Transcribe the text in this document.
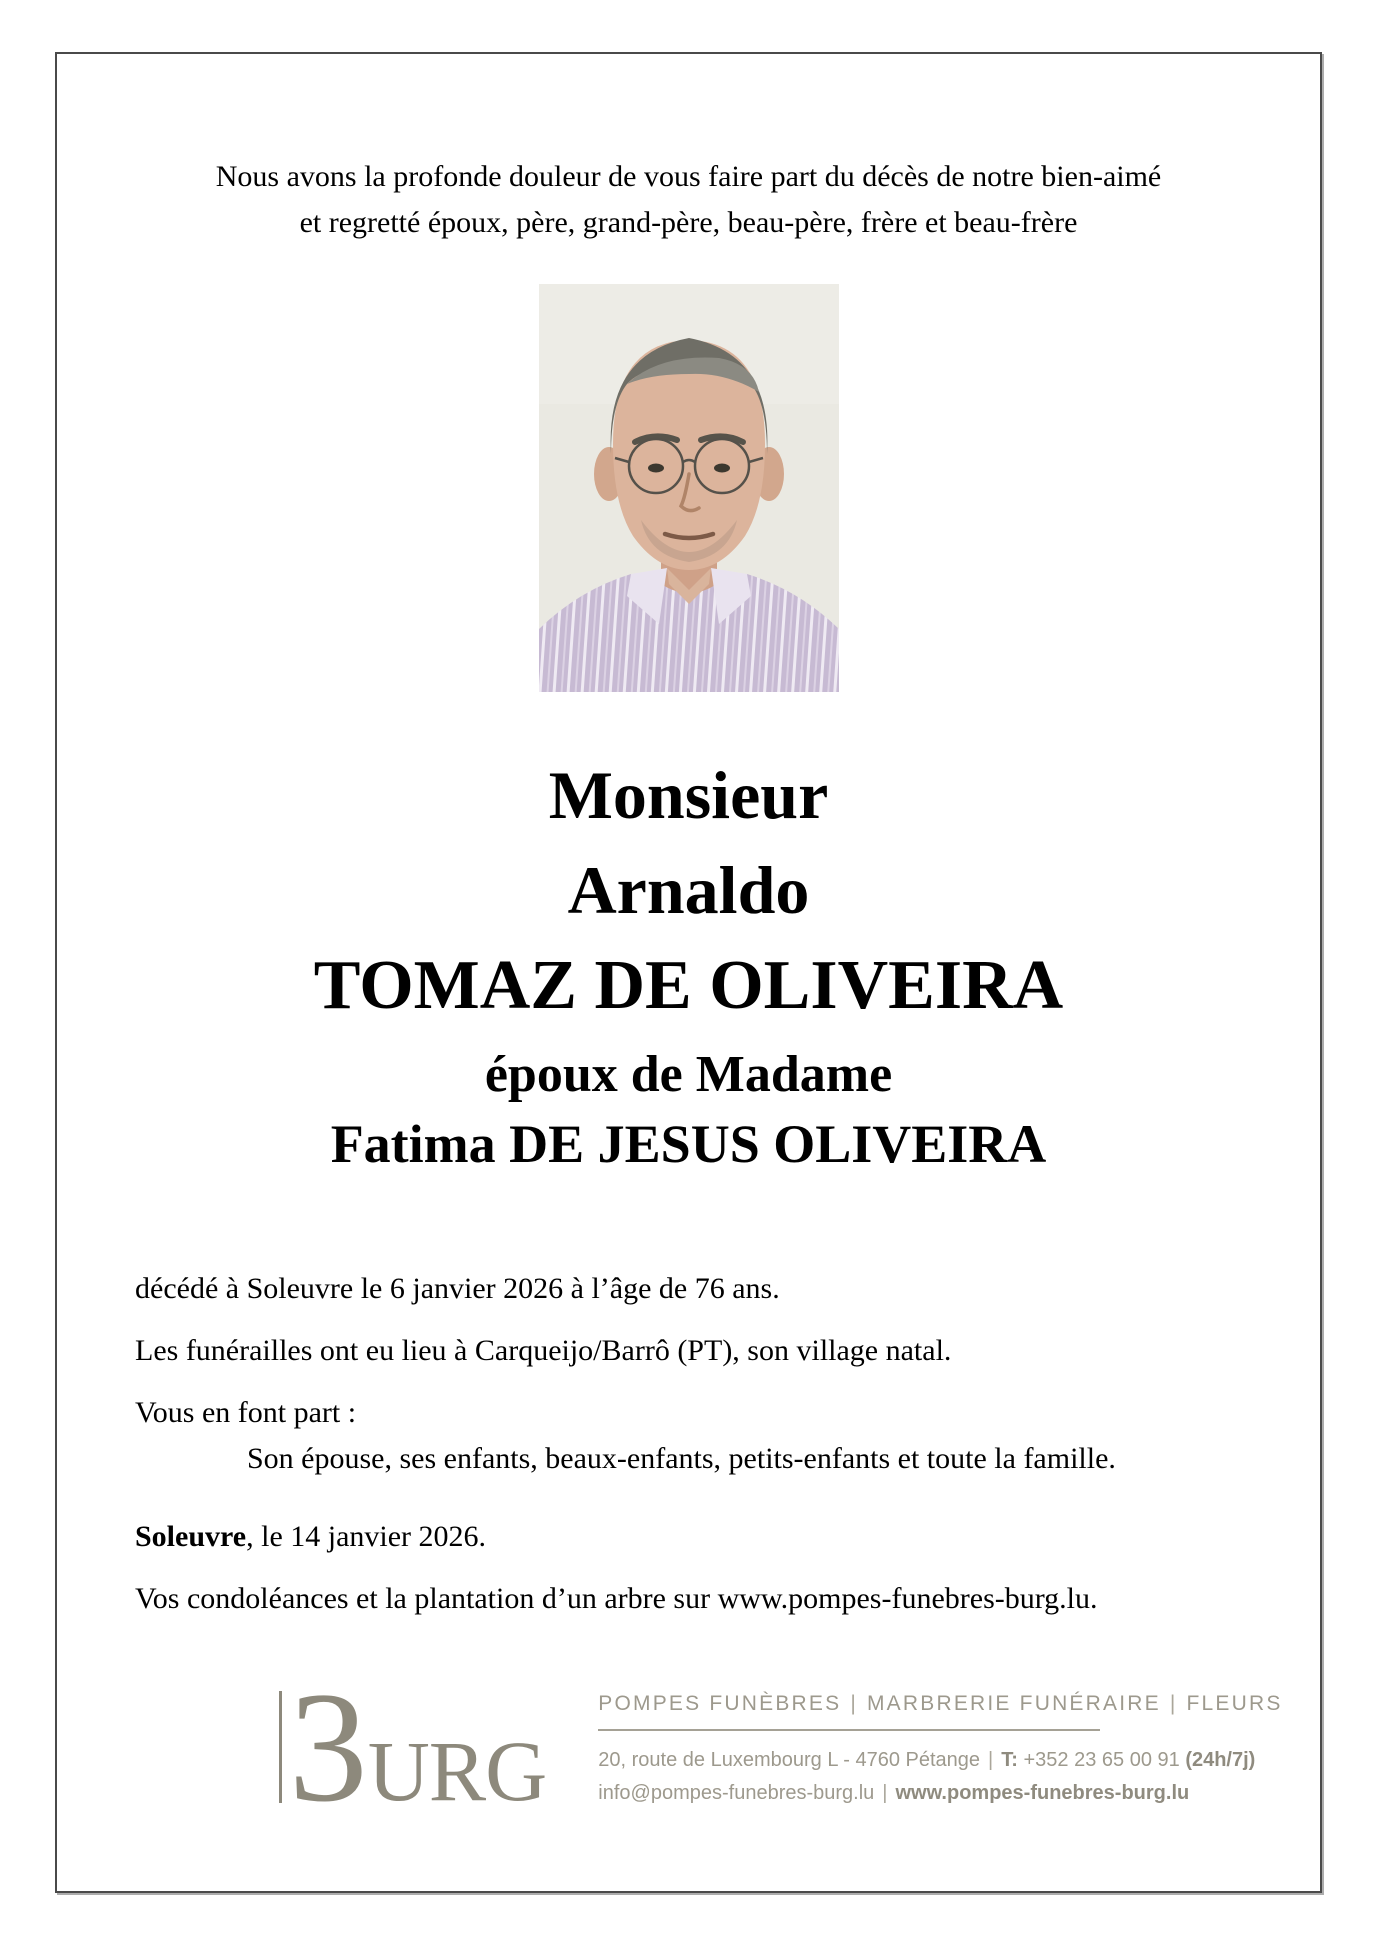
Nous avons la profonde douleur de vous faire part du décès de notre bien-aimé
et regretté époux, père, grand-père, beau-père, frère et beau-frère

Monsieur
Arnaldo
TOMAZ DE OLIVEIRA
époux de Madame
Fatima DE JESUS OLIVEIRA

décédé à Soleuvre le 6 janvier 2026 à l’âge de 76 ans.

Les funérailles ont eu lieu à Carqueijo/Barrô (PT), son village natal.

Vous en font part :

Son épouse, ses enfants, beaux-enfants, petits-enfants et toute la famille.

Soleuvre, le 14 janvier 2026.

Vos condoléances et la plantation d’un arbre sur www.pompes-funebres-burg.lu.

3URG
POMPES FUNÈBRES | MARBRERIE FUNÉRAIRE | FLEURS
20, route de Luxembourg L - 4760 Pétange | T: +352 23 65 00 91 (24h/7j)
info@pompes-funebres-burg.lu | www.pompes-funebres-burg.lu
